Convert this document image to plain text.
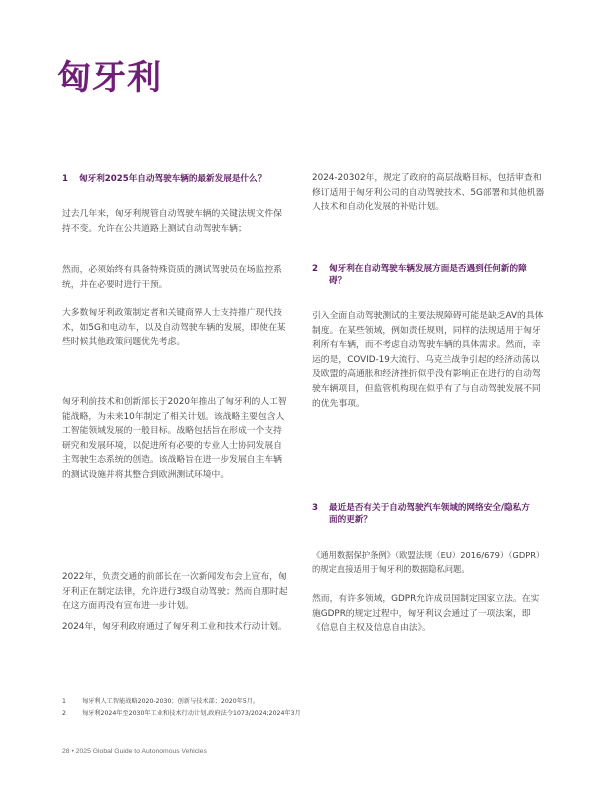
匈牙利
1 匈牙利2025年自动驾驶车辆的最新发展是什么？

过去几年来，匈牙利规管自动驾驶车辆的关键法规文件保持不变。允许在公共道路上测试自动驾驶车辆；

然而，必须始终有具备特殊资质的测试驾驶员在场监控系统，并在必要时进行干预。

大多数匈牙利政策制定者和关键商界人士支持推广现代技术，如5G和电动车，以及自动驾驶车辆的发展，即使在某些时候其他政策问题优先考虑。

匈牙利前技术和创新部长于2020年推出了匈牙利的人工智能战略，为未来10年制定了相关计划。该战略主要包含人工智能领域发展的一般目标。战略包括旨在形成一个支持研究和发展环境，以促进所有必要的专业人士协同发展自主驾驶生态系统的创造。该战略旨在进一步发展自主车辆的测试设施并将其整合到欧洲测试环境中。

2022年，负责交通的前部长在一次新闻发布会上宣布，匈牙利正在制定法律，允许进行3级自动驾驶；然而自那时起在这方面再没有宣布进一步计划。

2024年，匈牙利政府通过了匈牙利工业和技术行动计划。

2024-20302年，规定了政府的高层战略目标，包括审查和修订适用于匈牙利公司的自动驾驶技术、5G部署和其他机器人技术和自动化发展的补贴计划。

2 匈牙利在自动驾驶车辆发展方面是否遇到任何新的障碍？

引入全面自动驾驶测试的主要法规障碍可能是缺乏AV的具体制度。在某些领域，例如责任规则，同样的法规适用于匈牙利所有车辆，而不考虑自动驾驶车辆的具体需求。然而，幸运的是，COVID-19大流行、乌克兰战争引起的经济动荡以及欧盟的高通胀和经济挫折似乎没有影响正在进行的自动驾驶车辆项目，但监管机构现在似乎有了与自动驾驶发展不同的优先事项。

3 最近是否有关于自动驾驶汽车领域的网络安全/隐私方面的更新？

《通用数据保护条例》（欧盟法规（EU）2016/679）（GDPR）的规定直接适用于匈牙利的数据隐私问题。

然而，有许多领域，GDPR允许成员国制定国家立法。在实施GDPR的规定过程中，匈牙利议会通过了一项法案，即《信息自主权及信息自由法》。

1	匈牙利人工智能战略2020-2030；创新与技术部；2020年5月。
2	匈牙利2024年至2030年工业和技术行动计划,政府法令1073/2024;2024年3月
28 • 2025 Global Guide to Autonomous Vehicles
